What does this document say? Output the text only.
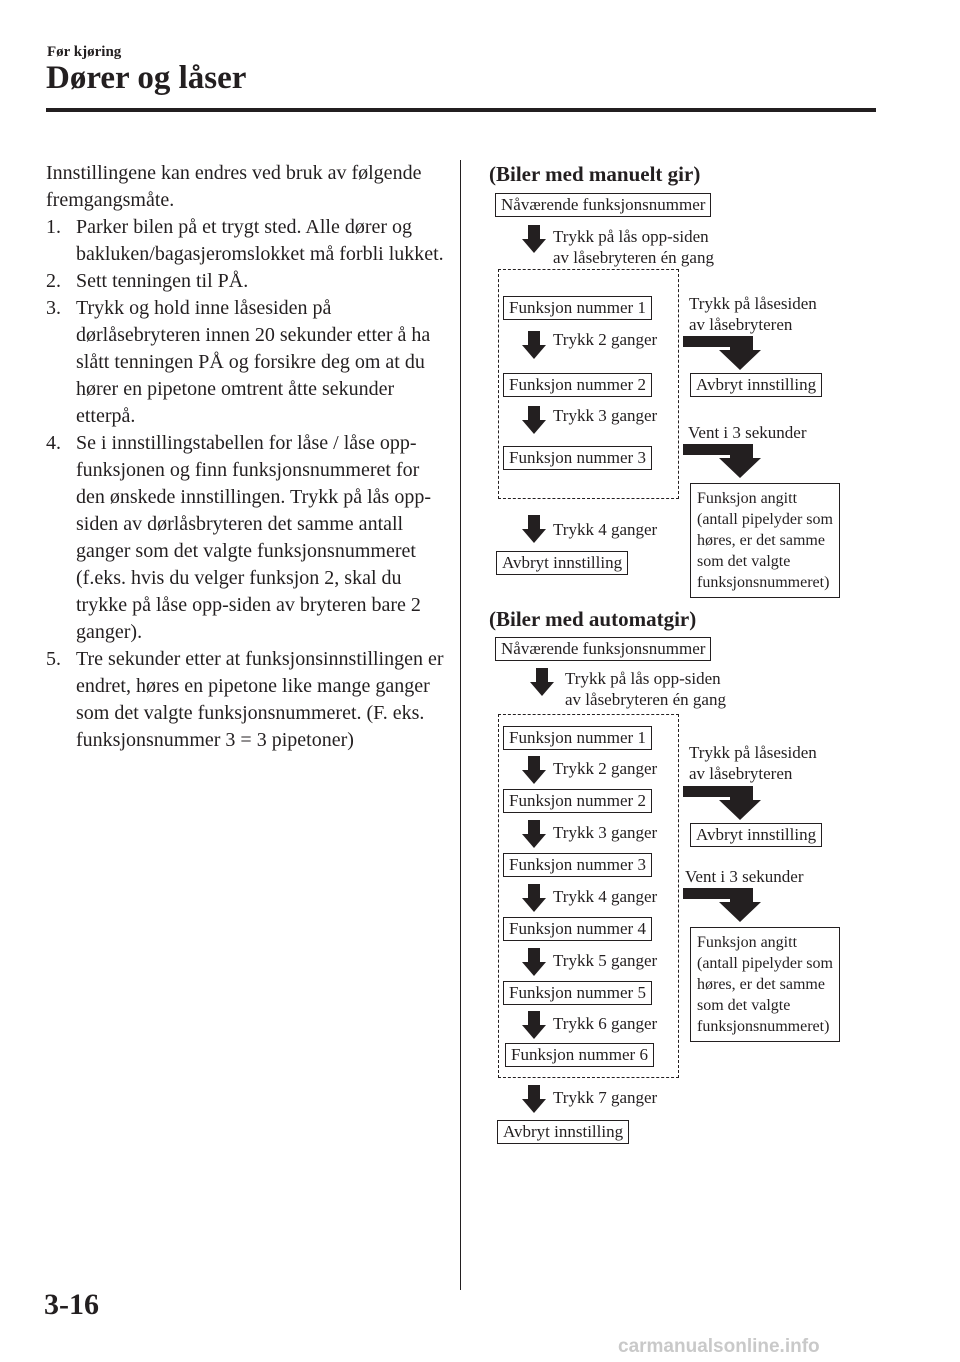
Før kjøring
Dører og låser

Innstillingene kan endres ved bruk av følgende fremgangsmåte.

1. Parker bilen på et trygt sted. Alle dører og bakluken/bagasjeromslokket må forbli lukket.
2. Sett tenningen til PÅ.
3. Trykk og hold inne låsesiden på dørlåsebryteren innen 20 sekunder etter å ha slått tenningen PÅ og forsikre deg om at du hører en pipetone omtrent åtte sekunder etterpå.
4. Se i innstillingstabellen for låse / låse opp-funksjonen og finn funksjonsnummeret for den ønskede innstillingen. Trykk på lås opp-siden av dørlåsbryteren det samme antall ganger som det valgte funksjonsnummeret (f.eks. hvis du velger funksjon 2, skal du trykke på låse opp-siden av bryteren bare 2 ganger).
5. Tre sekunder etter at funksjonsinnstillingen er endret, høres en pipetone like mange ganger som det valgte funksjonsnummeret. (F. eks. funksjonsnummer 3 = 3 pipetoner)
(Biler med manuelt gir)
Nåværende funksjonsnummer
Trykk på lås opp-siden
av låsebryteren én gang
Funksjon nummer 1
Trykk 2 ganger
Funksjon nummer 2
Trykk 3 ganger
Funksjon nummer 3
Trykk 4 ganger
Avbryt innstilling
Trykk på låsesiden
av låsebryteren
Avbryt innstilling
Vent i 3 sekunder
Funksjon angitt
(antall pipelyder som
høres, er det samme
som det valgte
funksjonsnummeret)
(Biler med automatgir)
Nåværende funksjonsnummer
Trykk på lås opp-siden
av låsebryteren én gang
Funksjon nummer 1
Trykk 2 ganger
Funksjon nummer 2
Trykk 3 ganger
Funksjon nummer 3
Trykk 4 ganger
Funksjon nummer 4
Trykk 5 ganger
Funksjon nummer 5
Trykk 6 ganger
Funksjon nummer 6
Trykk 7 ganger
Avbryt innstilling
Trykk på låsesiden
av låsebryteren
Avbryt innstilling
Vent i 3 sekunder
Funksjon angitt
(antall pipelyder som
høres, er det samme
som det valgte
funksjonsnummeret)
3-16
carmanualsonline.info
